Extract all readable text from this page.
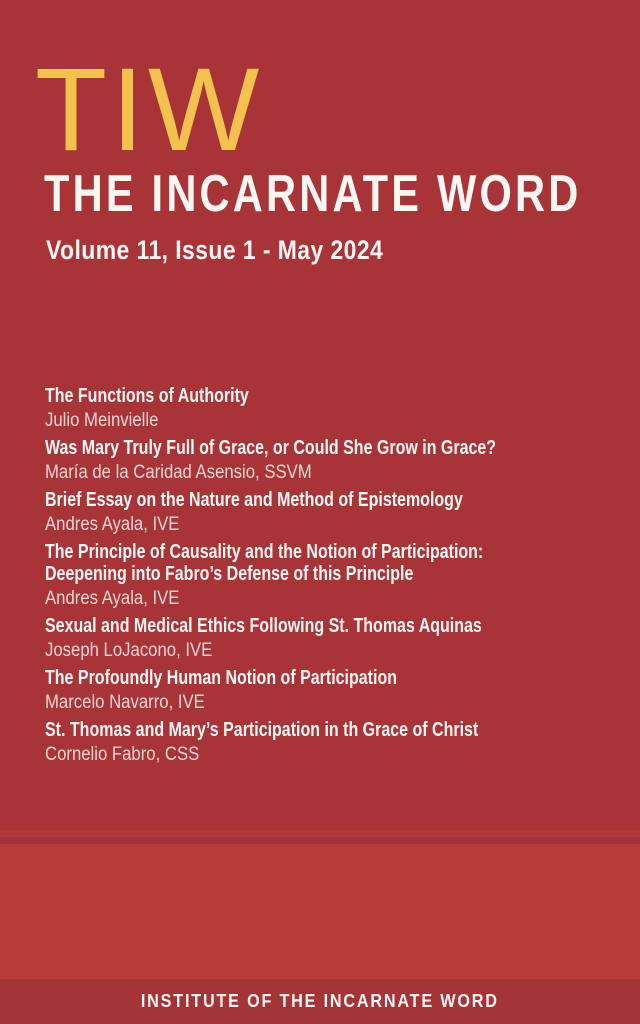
TIW
THE INCARNATE WORD
Volume 11, Issue 1 - May 2024
The Functions of Authority
Julio Meinvielle
Was Mary Truly Full of Grace, or Could She Grow in Grace?
María de la Caridad Asensio, SSVM
Brief Essay on the Nature and Method of Epistemology
Andres Ayala, IVE
The Principle of Causality and the Notion of Participation:
Deepening into Fabro’s Defense of this Principle
Andres Ayala, IVE
Sexual and Medical Ethics Following St. Thomas Aquinas
Joseph LoJacono, IVE
The Profoundly Human Notion of Participation
Marcelo Navarro, IVE
St. Thomas and Mary’s Participation in th Grace of Christ
Cornelio Fabro, CSS
INSTITUTE OF THE INCARNATE WORD
